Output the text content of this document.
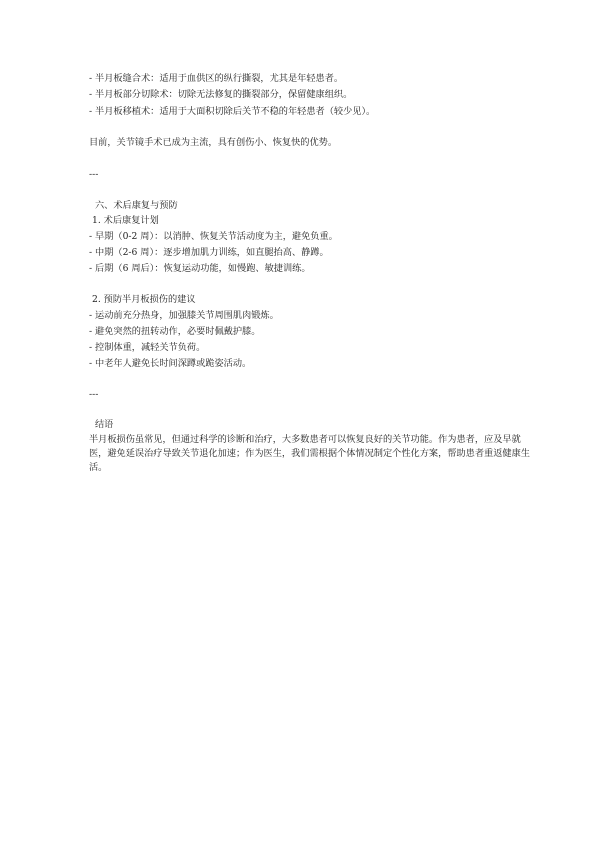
- 半月板缝合术：适用于血供区的纵行撕裂，尤其是年轻患者。
- 半月板部分切除术：切除无法修复的撕裂部分，保留健康组织。
- 半月板移植术：适用于大面积切除后关节不稳的年轻患者（较少见）。
目前，关节镜手术已成为主流，具有创伤小、恢复快的优势。
---
六、术后康复与预防
1. 术后康复计划
- 早期（0-2 周）：以消肿、恢复关节活动度为主，避免负重。
- 中期（2-6 周）：逐步增加肌力训练，如直腿抬高、静蹲。
- 后期（6 周后）：恢复运动功能，如慢跑、敏捷训练。
2. 预防半月板损伤的建议
- 运动前充分热身，加强膝关节周围肌肉锻炼。
- 避免突然的扭转动作，必要时佩戴护膝。
- 控制体重，减轻关节负荷。
- 中老年人避免长时间深蹲或跪姿活动。
---
结语
半月板损伤虽常见，但通过科学的诊断和治疗，大多数患者可以恢复良好的关节功能。作为患者，应及早就医，避免延误治疗导致关节退化加速；作为医生，我们需根据个体情况制定个性化方案，帮助患者重返健康生活。
